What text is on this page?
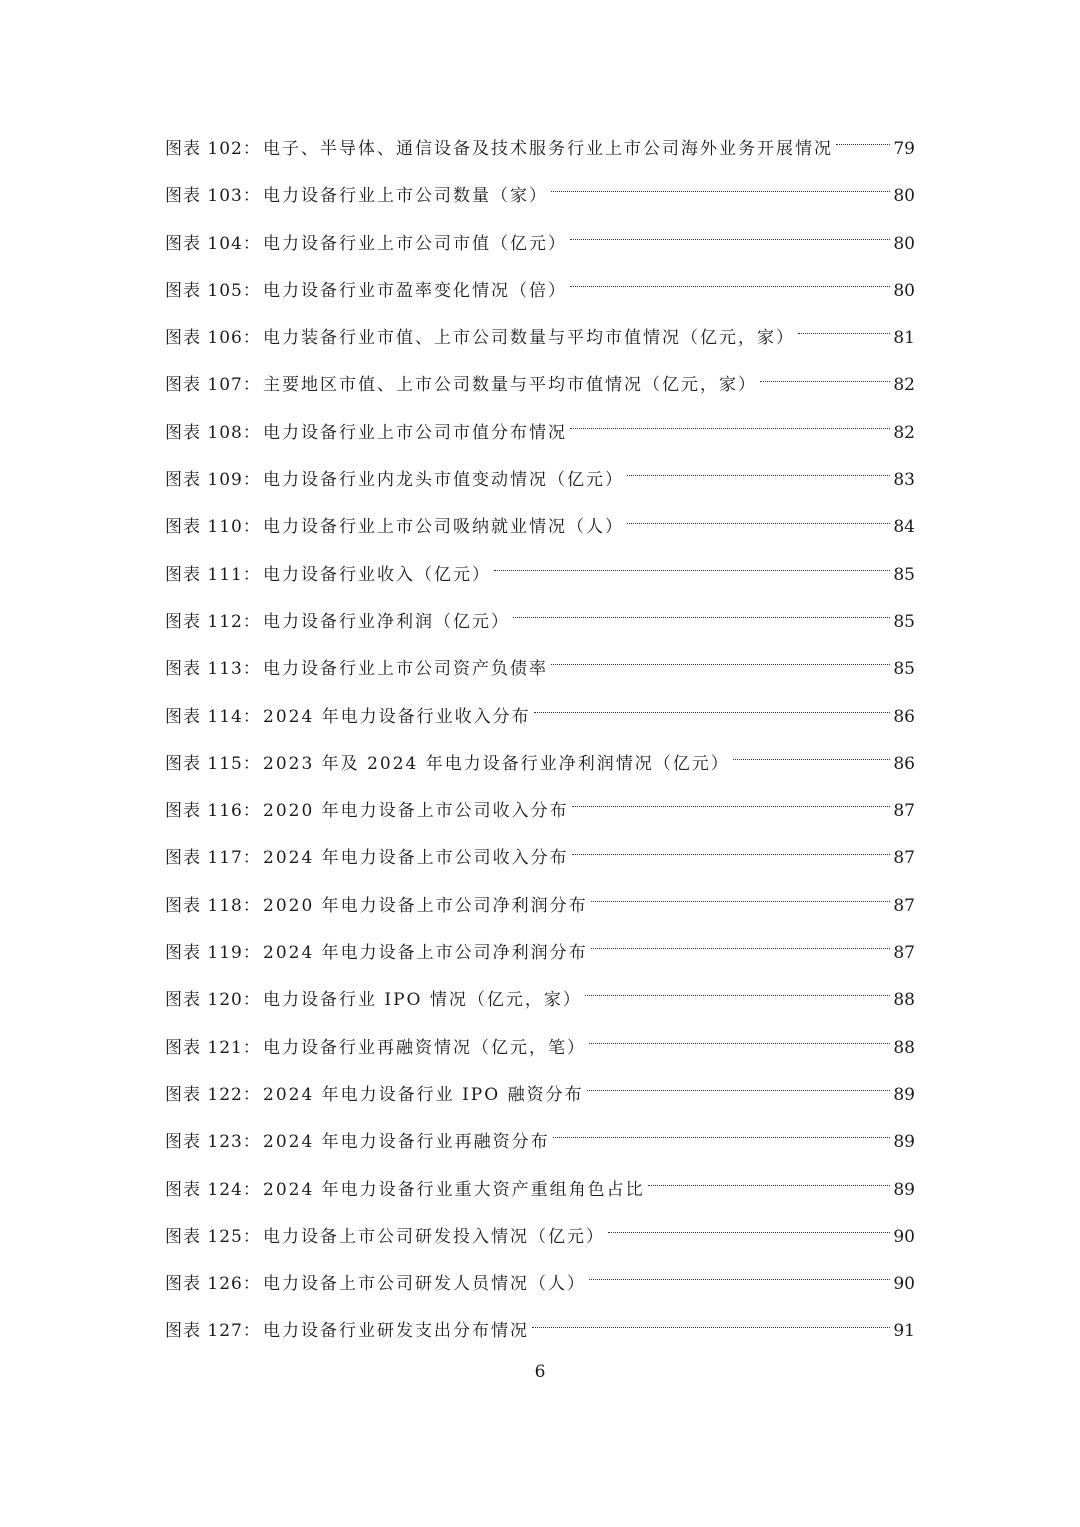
图表 102： 电子、半导体、通信设备及技术服务行业上市公司海外业务开展情况	79
图表 103： 电力设备行业上市公司数量（家）	80
图表 104： 电力设备行业上市公司市值（亿元）	80
图表 105： 电力设备行业市盈率变化情况（倍）	80
图表 106： 电力装备行业市值、上市公司数量与平均市值情况（亿元，家）	81
图表 107： 主要地区市值、上市公司数量与平均市值情况（亿元，家）	82
图表 108： 电力设备行业上市公司市值分布情况	82
图表 109： 电力设备行业内龙头市值变动情况（亿元）	83
图表 110： 电力设备行业上市公司吸纳就业情况（人）	84
图表 111： 电力设备行业收入（亿元）	85
图表 112： 电力设备行业净利润（亿元）	85
图表 113： 电力设备行业上市公司资产负债率	85
图表 114： 2024 年电力设备行业收入分布	86
图表 115： 2023 年及 2024 年电力设备行业净利润情况（亿元）	86
图表 116： 2020 年电力设备上市公司收入分布	87
图表 117： 2024 年电力设备上市公司收入分布	87
图表 118： 2020 年电力设备上市公司净利润分布	87
图表 119： 2024 年电力设备上市公司净利润分布	87
图表 120： 电力设备行业 IPO 情况（亿元，家）	88
图表 121： 电力设备行业再融资情况（亿元，笔）	88
图表 122： 2024 年电力设备行业 IPO 融资分布	89
图表 123： 2024 年电力设备行业再融资分布	89
图表 124： 2024 年电力设备行业重大资产重组角色占比	89
图表 125： 电力设备上市公司研发投入情况（亿元）	90
图表 126： 电力设备上市公司研发人员情况（人）	90
图表 127： 电力设备行业研发支出分布情况	91
6
